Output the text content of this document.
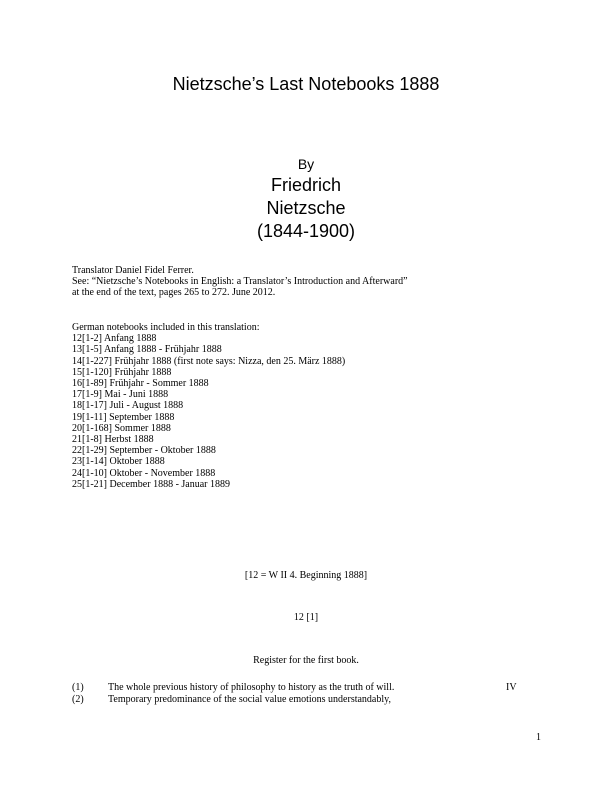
Nietzsche’s Last Notebooks 1888
By
Friedrich
Nietzsche
(1844-1900)
Translator Daniel Fidel Ferrer.
See: “Nietzsche’s Notebooks in English: a Translator’s Introduction and Afterward”
at the end of the text, pages 265 to 272. June 2012.
German notebooks included in this translation:
12[1-2] Anfang 1888
13[1-5] Anfang 1888 - Frühjahr 1888
14[1-227] Frühjahr 1888 (first note says: Nizza, den 25. März 1888)
15[1-120] Frühjahr 1888
16[1-89] Frühjahr - Sommer 1888
17[1-9] Mai - Juni 1888
18[1-17] Juli - August 1888
19[1-11] September 1888
20[1-168] Sommer 1888
21[1-8] Herbst 1888
22[1-29] September - Oktober 1888
23[1-14] Oktober 1888
24[1-10] Oktober - November 1888
25[1-21] December 1888 - Januar 1889
[12 = W II 4. Beginning 1888]
12 [1]
Register for the first book.
(1) The whole previous history of philosophy to history as the truth of will.	IV
(2) Temporary predominance of the social value emotions understandably,
1
